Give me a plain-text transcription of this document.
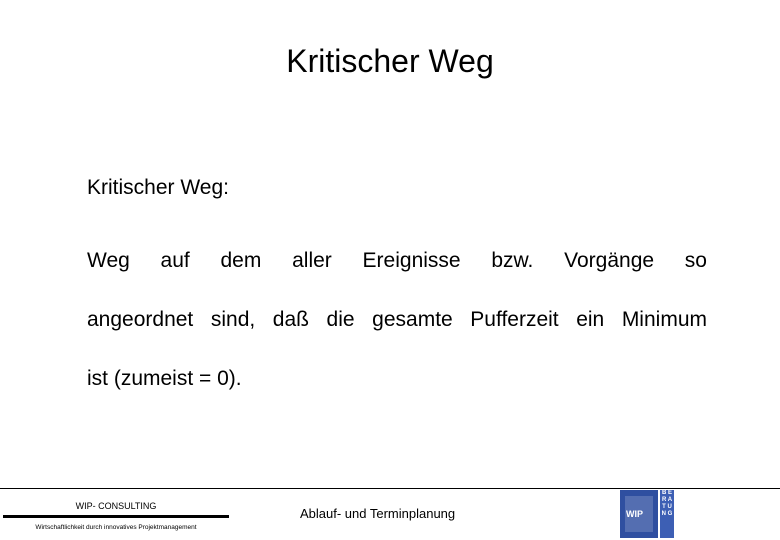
Kritischer Weg
Kritischer Weg:
Weg auf dem aller Ereignisse bzw. Vorgänge so
angeordnet sind, daß die gesamte Pufferzeit ein Minimum
ist (zumeist = 0).
WIP- CONSULTING
Wirtschaftlichkeit durch innovatives Projektmanagement
Ablauf- und Terminplanung	WIP
B E R A T U N G
